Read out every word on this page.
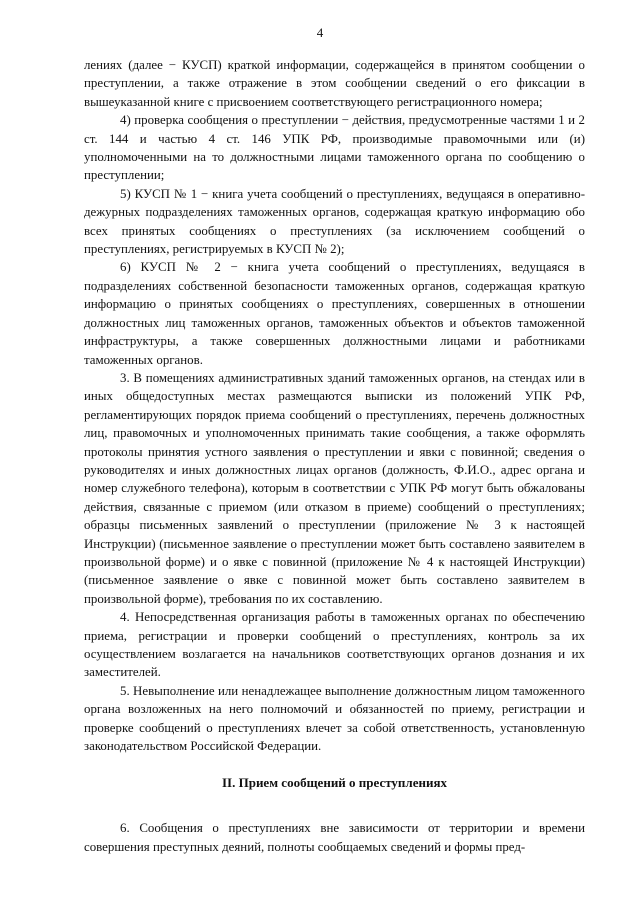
4

лениях (далее − КУСП) краткой информации, содержащейся в принятом сообщении о преступлении, а также отражение в этом сообщении сведений о его фиксации в вышеуказанной книге с присвоением соответствующего регистрационного номера;

4) проверка сообщения о преступлении − действия, предусмотренные частями 1 и 2 ст. 144 и частью 4 ст. 146 УПК РФ, производимые правомочными или (и) уполномоченными на то должностными лицами таможенного органа по сообщению о преступлении;

5) КУСП № 1 − книга учета сообщений о преступлениях, ведущаяся в оперативно-дежурных подразделениях таможенных органов, содержащая краткую информацию обо всех принятых сообщениях о преступлениях (за исключением сообщений о преступлениях, регистрируемых в КУСП № 2);

6) КУСП № 2 − книга учета сообщений о преступлениях, ведущаяся в подразделениях собственной безопасности таможенных органов, содержащая краткую информацию о принятых сообщениях о преступлениях, совершенных в отношении должностных лиц таможенных органов, таможенных объектов и объектов таможенной инфраструктуры, а также совершенных должностными лицами и работниками таможенных органов.

3. В помещениях административных зданий таможенных органов, на стендах или в иных общедоступных местах размещаются выписки из положений УПК РФ, регламентирующих порядок приема сообщений о преступлениях, перечень должностных лиц, правомочных и уполномоченных принимать такие сообщения, а также оформлять протоколы принятия устного заявления о преступлении и явки с повинной; сведения о руководителях и иных должностных лицах органов (должность, Ф.И.О., адрес органа и номер служебного телефона), которым в соответствии с УПК РФ могут быть обжалованы действия, связанные с приемом (или отказом в приеме) сообщений о преступлениях; образцы письменных заявлений о преступлении (приложение № 3 к настоящей Инструкции) (письменное заявление о преступлении может быть составлено заявителем в произвольной форме) и о явке с повинной (приложение № 4 к настоящей Инструкции) (письменное заявление о явке с повинной может быть составлено заявителем в произвольной форме), требования по их составлению.

4. Непосредственная организация работы в таможенных органах по обеспечению приема, регистрации и проверки сообщений о преступлениях, контроль за их осуществлением возлагается на начальников соответствующих органов дознания и их заместителей.

5. Невыполнение или ненадлежащее выполнение должностным лицом таможенного органа возложенных на него полномочий и обязанностей по приему, регистрации и проверке сообщений о преступлениях влечет за собой ответственность, установленную законодательством Российской Федерации.

II. Прием сообщений о преступлениях

6. Сообщения о преступлениях вне зависимости от территории и времени совершения преступных деяний, полноты сообщаемых сведений и формы пред-
